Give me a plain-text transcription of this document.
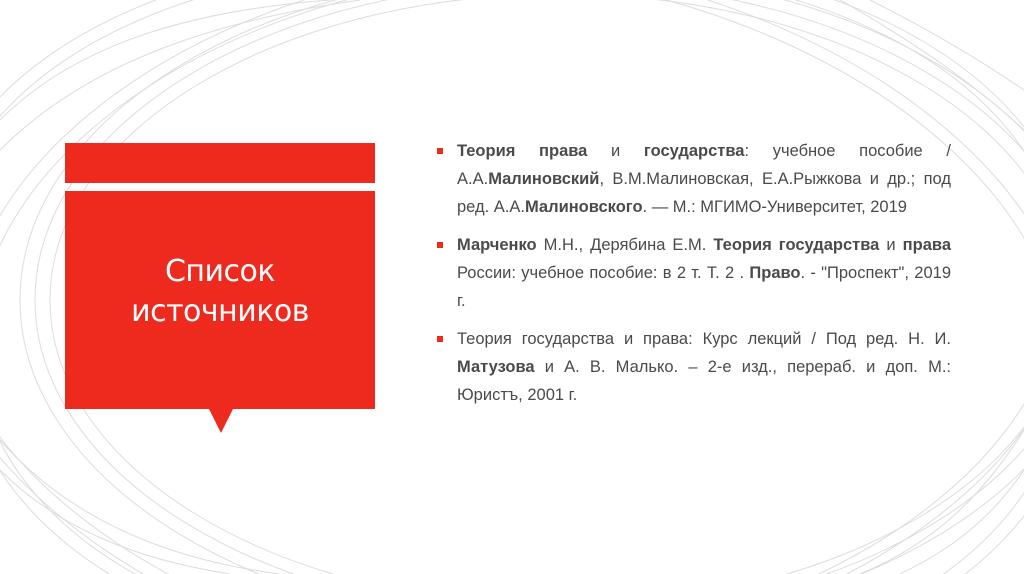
Список
источников
Теория права и государства: учебное пособие / А.А.Малиновский, В.М.Малиновская, Е.А.Рыжкова и др.; под ред. А.А.Малиновского. — М.: МГИМО-Университет, 2019
Марченко М.Н., Дерябина Е.М. Теория государства и права России: учебное пособие: в 2 т. Т. 2 . Право. - "Проспект", 2019 г.
Теория государства и права: Курс лекций / Под ред. Н. И. Матузова и А. В. Малько. – 2-е изд., перераб. и доп. М.: Юристъ, 2001 г.
